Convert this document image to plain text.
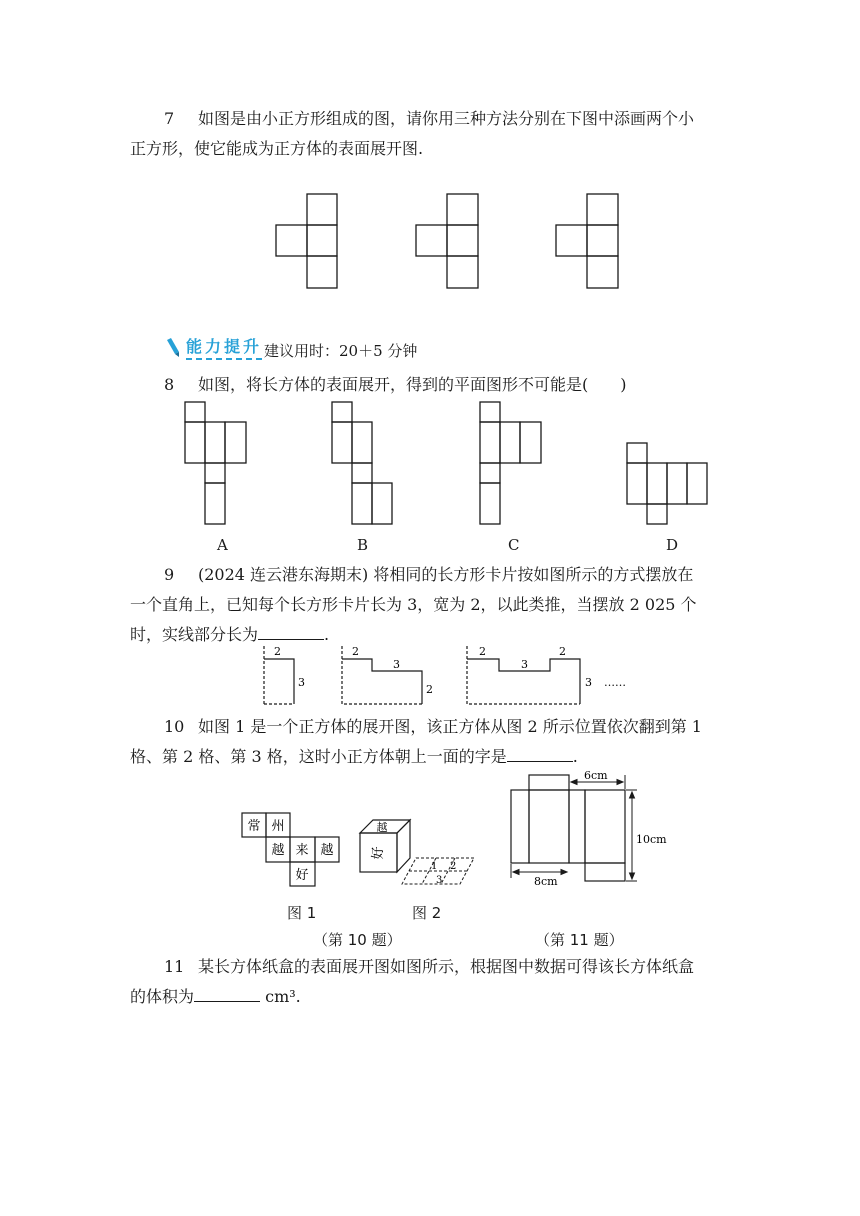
7 如图是由小正方形组成的图，请你用三种方法分别在下图中添画两个小
正方形，使它能成为正方体的表面展开图.
能力提升 建议用时：20＋5 分钟
8 如图，将长方体的表面展开，得到的平面图形不可能是(　　)
A	B	C	D
9 (2024 连云港东海期末) 将相同的长方形卡片按如图所示的方式摆放在
一个直角上，已知每个长方形卡片长为 3，宽为 2，以此类推，当摆放 2 025 个
时，实线部分长为	.
2
3
2
3
2
2
3
2
3 ……
10 如图 1 是一个正方体的展开图，该正方体从图 2 所示位置依次翻到第 1
格、第 2 格、第 3 格，这时小正方体朝上一面的字是	.
常 州
越 来 越
好
越
好
1 2
3
图 1	图 2
（第 10 题）
6cm
10cm
8cm
（第 11 题）
11 某长方体纸盒的表面展开图如图所示，根据图中数据可得该长方体纸盒
的体积为	cm³.
